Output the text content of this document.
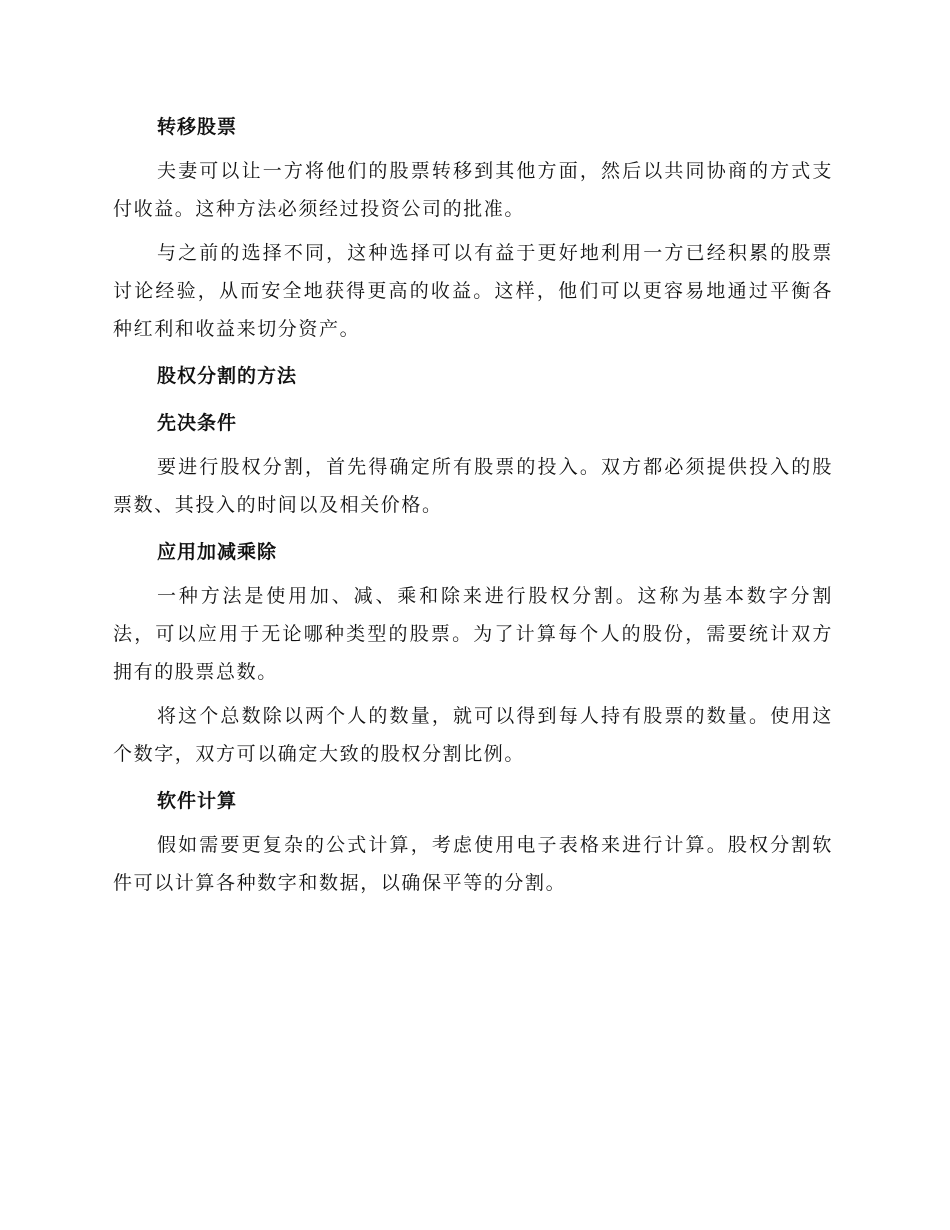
转移股票

夫妻可以让一方将他们的股票转移到其他方面，然后以共同协商的方式支付收益。这种方法必须经过投资公司的批准。

与之前的选择不同，这种选择可以有益于更好地利用一方已经积累的股票讨论经验，从而安全地获得更高的收益。这样，他们可以更容易地通过平衡各种红利和收益来切分资产。

股权分割的方法

先决条件

要进行股权分割，首先得确定所有股票的投入。双方都必须提供投入的股票数、其投入的时间以及相关价格。

应用加减乘除

一种方法是使用加、减、乘和除来进行股权分割。这称为基本数字分割法，可以应用于无论哪种类型的股票。为了计算每个人的股份，需要统计双方拥有的股票总数。

将这个总数除以两个人的数量，就可以得到每人持有股票的数量。使用这个数字，双方可以确定大致的股权分割比例。

软件计算

假如需要更复杂的公式计算，考虑使用电子表格来进行计算。股权分割软件可以计算各种数字和数据，以确保平等的分割。
